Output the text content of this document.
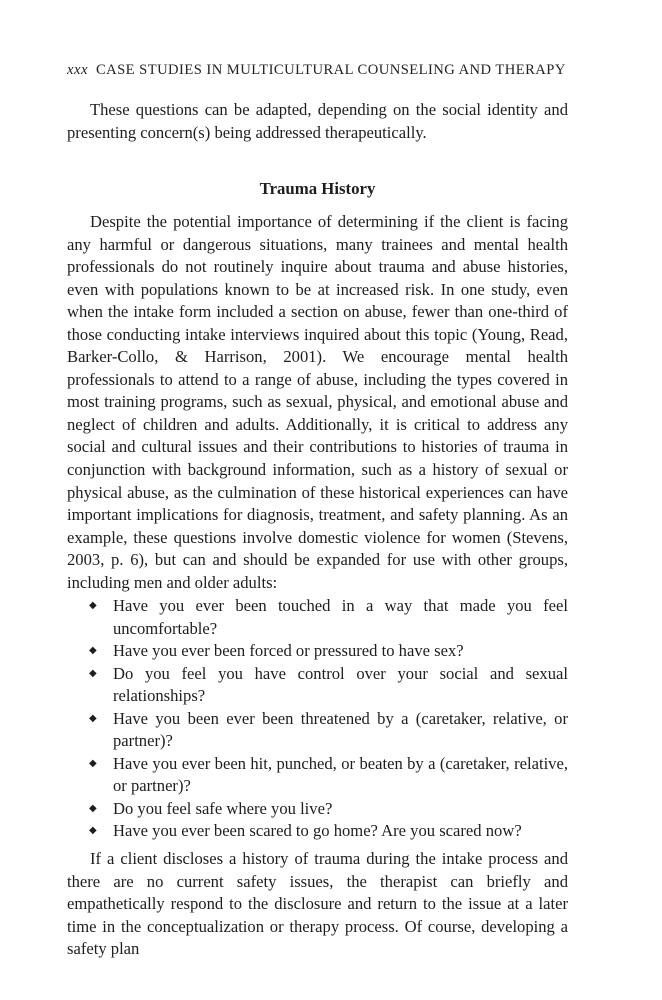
xxx CASE STUDIES IN MULTICULTURAL COUNSELING AND THERAPY

These questions can be adapted, depending on the social identity and presenting concern(s) being addressed therapeutically.

Trauma History

Despite the potential importance of determining if the client is facing any harmful or dangerous situations, many trainees and mental health professionals do not routinely inquire about trauma and abuse histories, even with populations known to be at increased risk. In one study, even when the intake form included a section on abuse, fewer than one-third of those conducting intake interviews inquired about this topic (Young, Read, Barker-Collo, & Harrison, 2001). We encourage mental health professionals to attend to a range of abuse, including the types covered in most training programs, such as sexual, physical, and emotional abuse and neglect of children and adults. Additionally, it is critical to address any social and cultural issues and their contributions to histories of trauma in conjunction with background information, such as a history of sexual or physical abuse, as the culmination of these historical experiences can have important implications for diagnosis, treatment, and safety planning. As an example, these questions involve domestic violence for women (Stevens, 2003, p. 6), but can and should be expanded for use with other groups, including men and older adults:

◆ Have you ever been touched in a way that made you feel uncomfortable?
◆ Have you ever been forced or pressured to have sex?
◆ Do you feel you have control over your social and sexual relationships?
◆ Have you been ever been threatened by a (caretaker, relative, or partner)?
◆ Have you ever been hit, punched, or beaten by a (caretaker, relative, or partner)?
◆ Do you feel safe where you live?
◆ Have you ever been scared to go home? Are you scared now?

If a client discloses a history of trauma during the intake process and there are no current safety issues, the therapist can briefly and empathetically respond to the disclosure and return to the issue at a later time in the conceptualization or therapy process. Of course, developing a safety plan
